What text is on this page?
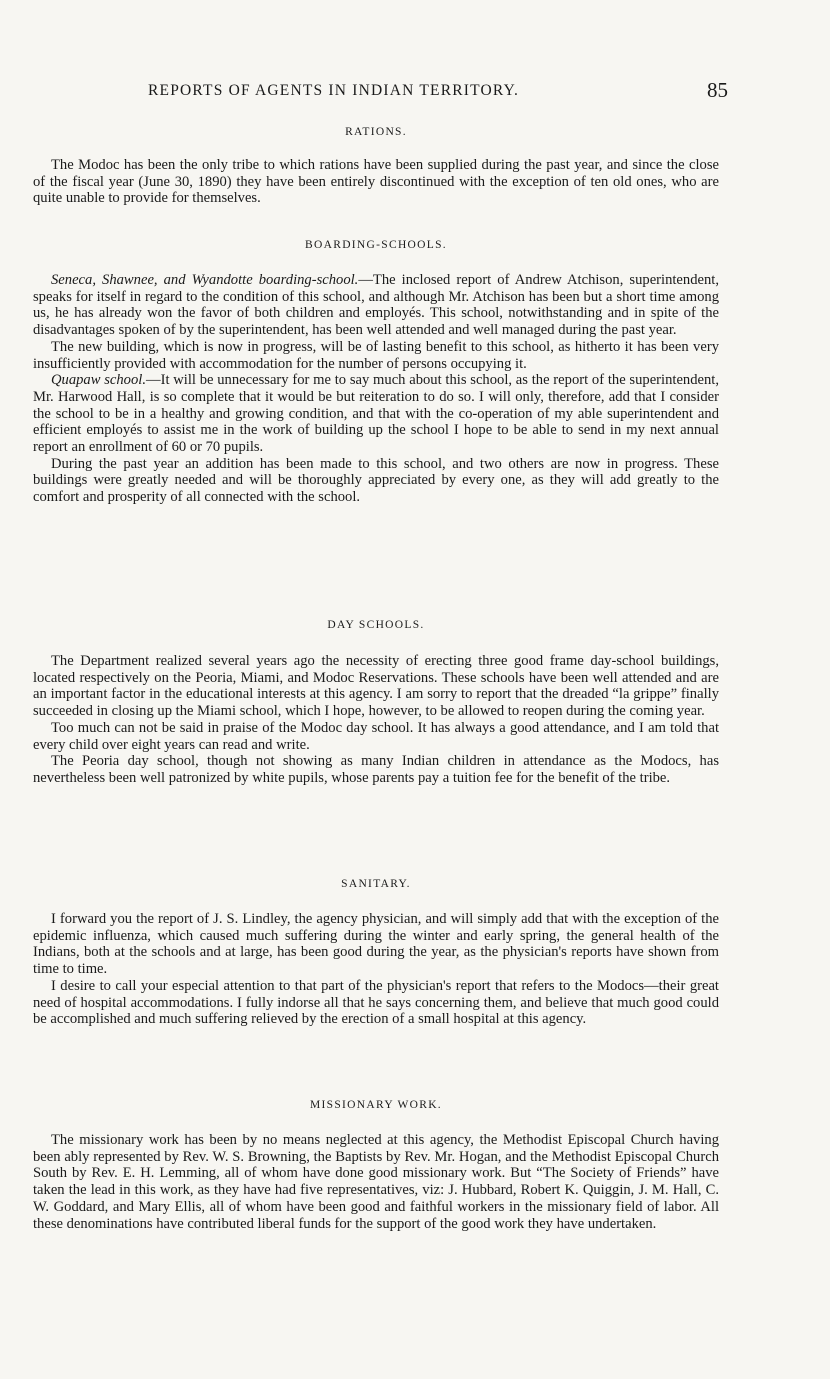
REPORTS OF AGENTS IN INDIAN TERRITORY.	85
RATIONS.

The Modoc has been the only tribe to which rations have been supplied during the past year, and since the close of the fiscal year (June 30, 1890) they have been entirely discontinued with the exception of ten old ones, who are quite unable to provide for themselves.

BOARDING-SCHOOLS.

Seneca, Shawnee, and Wyandotte boarding-school.—The inclosed report of Andrew Atchison, superintendent, speaks for itself in regard to the condition of this school, and although Mr. Atchison has been but a short time among us, he has already won the favor of both children and employés. This school, notwithstanding and in spite of the disadvantages spoken of by the superintendent, has been well attended and well managed during the past year.

The new building, which is now in progress, will be of lasting benefit to this school, as hitherto it has been very insufficiently provided with accommodation for the number of persons occupying it.

Quapaw school.—It will be unnecessary for me to say much about this school, as the report of the superintendent, Mr. Harwood Hall, is so complete that it would be but reiteration to do so. I will only, therefore, add that I consider the school to be in a healthy and growing condition, and that with the co-operation of my able superintendent and efficient employés to assist me in the work of building up the school I hope to be able to send in my next annual report an enrollment of 60 or 70 pupils.

During the past year an addition has been made to this school, and two others are now in progress. These buildings were greatly needed and will be thoroughly appreciated by every one, as they will add greatly to the comfort and prosperity of all connected with the school.

DAY SCHOOLS.

The Department realized several years ago the necessity of erecting three good frame day-school buildings, located respectively on the Peoria, Miami, and Modoc Reservations. These schools have been well attended and are an important factor in the educational interests at this agency. I am sorry to report that the dreaded “la grippe” finally succeeded in closing up the Miami school, which I hope, however, to be allowed to reopen during the coming year.

Too much can not be said in praise of the Modoc day school. It has always a good attendance, and I am told that every child over eight years can read and write.

The Peoria day school, though not showing as many Indian children in attendance as the Modocs, has nevertheless been well patronized by white pupils, whose parents pay a tuition fee for the benefit of the tribe.

SANITARY.

I forward you the report of J. S. Lindley, the agency physician, and will simply add that with the exception of the epidemic influenza, which caused much suffering during the winter and early spring, the general health of the Indians, both at the schools and at large, has been good during the year, as the physician's reports have shown from time to time.

I desire to call your especial attention to that part of the physician's report that refers to the Modocs—their great need of hospital accommodations. I fully indorse all that he says concerning them, and believe that much good could be accomplished and much suffering relieved by the erection of a small hospital at this agency.

MISSIONARY WORK.

The missionary work has been by no means neglected at this agency, the Methodist Episcopal Church having been ably represented by Rev. W. S. Browning, the Baptists by Rev. Mr. Hogan, and the Methodist Episcopal Church South by Rev. E. H. Lemming, all of whom have done good missionary work. But “The Society of Friends” have taken the lead in this work, as they have had five representatives, viz: J. Hubbard, Robert K. Quiggin, J. M. Hall, C. W. Goddard, and Mary Ellis, all of whom have been good and faithful workers in the missionary field of labor. All these denominations have contributed liberal funds for the support of the good work they have undertaken.
